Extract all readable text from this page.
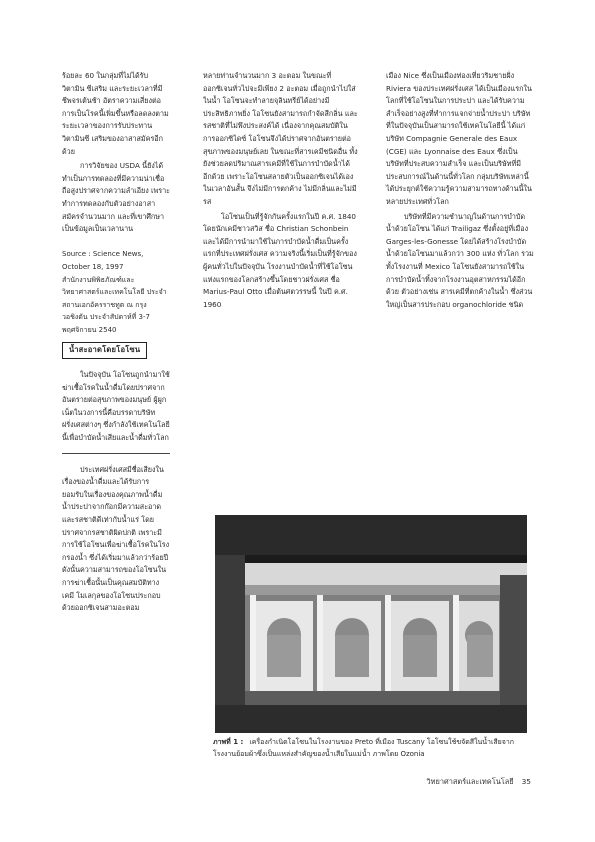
ร้อยละ 60 ในกลุ่มที่ไม่ได้รับวิตามิน ซีเสริม และระยะเวลาที่มีชีพจรเต้นช้า อัตราความเสี่ยงต่อการเป็นโรคนี้เพิ่มขึ้นหรือลดลงตามระยะเวลาของการรับประทานวิตามินซี เสริมของอาสาสมัครอีกด้วย

การวิจัยของ USDA นี้ยังได้ทำเป็นการทดลองที่มีความน่าเชื่อถือสูงปราศจากความลำเอียง เพราะทำการทดลองกับตัวอย่างอาสาสมัครจำนวนมาก และที่เขาศึกษาเป็นข้อมูลเป็นเวลานาน

Source : Science News, October 18, 1997

สำนักงานพิพิธภัณฑ์และวิทยาศาสตร์และเทคโนโลยี ประจำสถานเอกอัครราชทูต ณ กรุงวอชิงตัน ประจำสัปดาห์ที่ 3-7 พฤศจิกายน 2540

น้ำสะอาดโดยโอโซน

ในปัจจุบัน โอโซนถูกนำมาใช้ฆ่าเชื้อโรคในน้ำดื่มโดยปราศจากอันตรายต่อสุขภาพของมนุษย์ ผู้ผูกเน็ตในวงการนี้คือบรรดาบริษัทฝรั่งเศสต่างๆ ซึ่งกำลังใช้เทคโนโลยีนี้เพื่อบำบัดน้ำเสียและน้ำดื่มทั่วโลก

ประเทศฝรั่งเศสมีชื่อเสียงในเรื่องของน้ำดื่มและได้รับการยอมรับในเรื่องของคุณภาพน้ำดื่ม น้ำประปาจากก๊อกมีความสะอาดและรสชาติดีเท่ากับน้ำแร่ โดยปราศจากรสชาติผิดปกติ เพราะมีการใช้โอโซนเพื่อฆ่าเชื้อโรคในโรงกรองน้ำ ซึ่งได้เริ่มมาแล้วกว่าร้อยปี ดังนั้นความสามารถของโอโซนในการฆ่าเชื้อนั้นเป็นคุณสมบัติทางเคมี โมเลกุลของโอโซนประกอบด้วยออกซิเจนสามอะตอม

หลายท่านจำนวนมาก 3 อะตอม ในขณะที่ออกซิเจนทั่วไปจะมีเพียง 2 อะตอม เมื่อถูกนำไปใส่ในน้ำ โอโซนจะทำลายจุลินทรีย์ได้อย่างมีประสิทธิภาพยิ่ง โอโซนยังสามารถกำจัดสีกลิ่น และรสชาติที่ไม่พึงประสงค์ได้ เนื่องจากคุณสมบัติในการออกซิไดซ์ โอโซนจึงได้ปราศจากอันตรายต่อสุขภาพของมนุษย์เลย ในขณะที่สารเคมีชนิดอื่น ทั้งยังช่วยลดปริมาณสารเคมีที่ใช้ในการบำบัดน้ำได้อีกด้วย เพราะโอโซนสลายตัวเป็นออกซิเจนได้เองในเวลาอันสั้น จึงไม่มีการตกค้าง ไม่มีกลิ่นและไม่มีรส

โอโซนเป็นที่รู้จักกันครั้งแรกในปี ค.ศ. 1840 โดยนักเคมีชาวสวิส ชื่อ Christian Schonbein และได้มีการนำมาใช้ในการบำบัดน้ำดื่มเป็นครั้งแรกที่ประเทศฝรั่งเศส ความจริงนี้เริ่มเป็นที่รู้จักของผู้คนทั่วไปในปัจจุบัน โรงงานบำบัดน้ำที่ใช้โอโซนแห่งแรกของโลกสร้างขึ้นโดยชาวฝรั่งเศส ชื่อ Marius-Paul Otto เมื่อต้นศตวรรษนี้ ในปี ค.ศ. 1960

เมือง Nice ซึ่งเป็นเมืองท่องเที่ยวริมชายฝั่ง Riviera ของประเทศฝรั่งเศส ได้เป็นเมืองแรกในโลกที่ใช้โอโซนในการประปา และได้รับความสำเร็จอย่างสูงที่ทำการแจกจ่ายน้ำประปา บริษัทที่ในปัจจุบันเป็นสามารถใช้เทคโนโลยีนี้ ได้แก่ บริษัท Compagnie Generale des Eaux (CGE) และ Lyonnaise des Eaux ซึ่งเป็นบริษัทที่ประสบความสำเร็จ และเป็นบริษัทที่มีประสบการณ์ในด้านนี้ทั่วโลก กลุ่มบริษัทเหล่านี้ได้ประยุกต์ใช้ความรู้ความสามารถทางด้านนี้ในหลายประเทศทั่วโลก

บริษัทที่มีความชำนาญในด้านการบำบัดน้ำด้วยโอโซน ได้แก่ Trailigaz ซึ่งตั้งอยู่ที่เมือง Garges-les-Gonesse โดยได้สร้างโรงบำบัดน้ำด้วยโอโซนมาแล้วกว่า 300 แห่ง ทั่วโลก รวมทั้งโรงงานที่ Mexico โอโซนยังสามารถใช้ในการบำบัดน้ำทิ้งจากโรงงานอุตสาหกรรมได้อีกด้วย ตัวอย่างเช่น สารเคมีที่ตกค้างในน้ำ ซึ่งส่วนใหญ่เป็นสารประกอบ organochloride ชนิด

ภาพที่ 1 : เครื่องกำเนิดโอโซนในโรงงานของ Preto ที่เมือง Tuscany โอโซนใช้ขจัดสีในน้ำเสียจากโรงงานย้อมผ้าซึ่งเป็นแหล่งสำคัญของน้ำเสียในแม่น้ำ ภาพโดย Ozonia
วิทยาศาสตร์และเทคโนโลยี 35
